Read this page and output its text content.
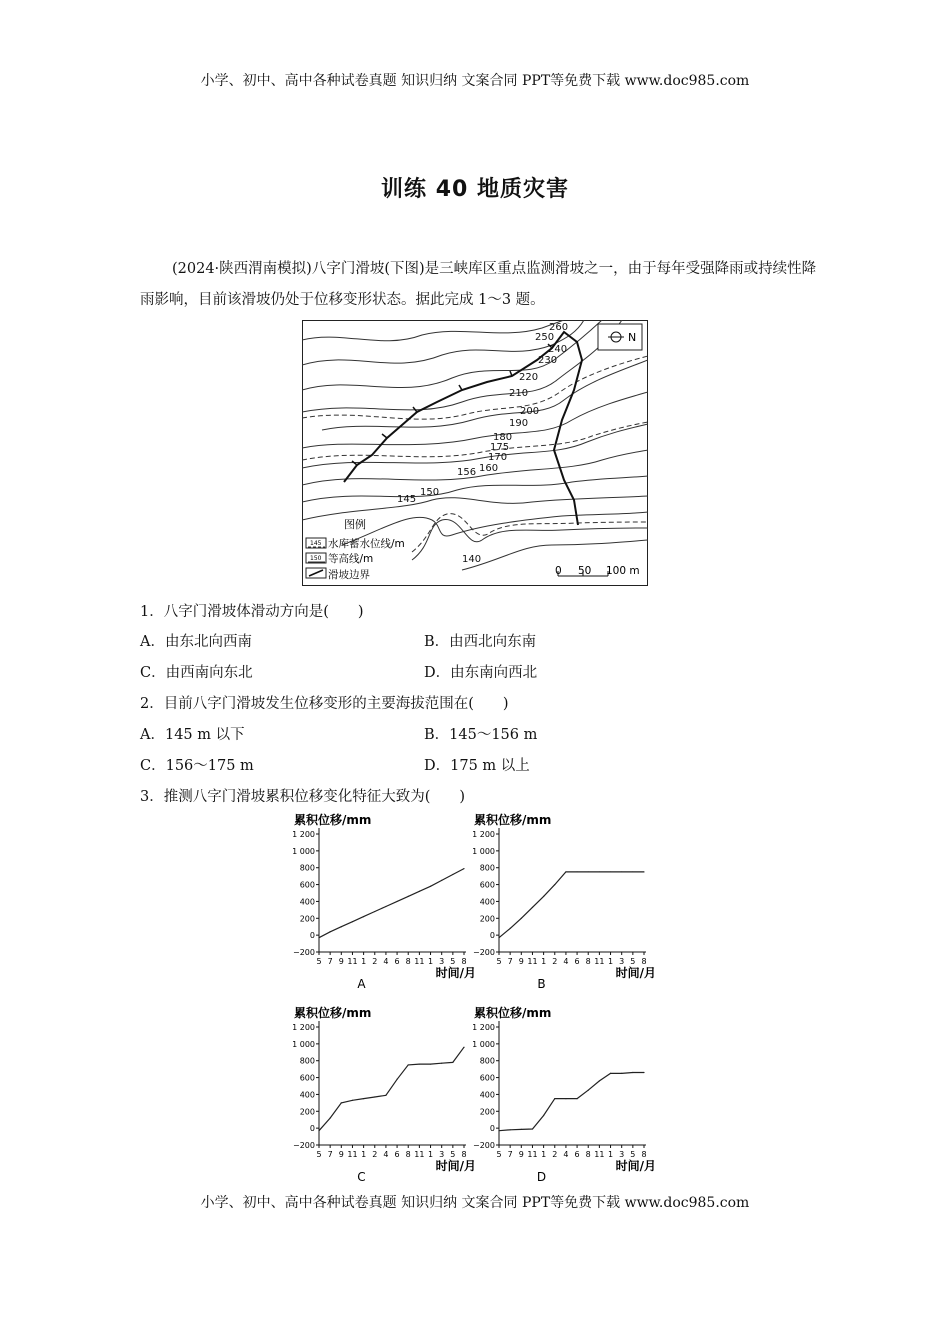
小学、初中、高中各种试卷真题 知识归纳 文案合同 PPT等免费下载 www.doc985.com
训练 40 地质灾害
(2024·陕西渭南模拟)八字门滑坡(下图)是三峡库区重点监测滑坡之一，由于每年受强降雨或持续性降雨影响，目前该滑坡仍处于位移变形状态。据此完成 1～3 题。
260
250
240
230
220
210
200
190
180
175
170
160
156
150
145
140
N
图例
145 水库蓄水位线/m
150 等高线/m
滑坡边界	0 50 100 m
1．八字门滑坡体滑动方向是(　　)
A．由东北向西南	B．由西北向东南
C．由西南向东北	D．由东南向西北
2．目前八字门滑坡发生位移变形的主要海拔范围在(　　)
A．145 m 以下	B．145～156 m
C．156～175 m	D．175 m 以上
3．推测八字门滑坡累积位移变化特征大致为(　　)
累积位移/mm
1 200
1 000
800
600
400
200
0
−200
5 7 9 11 1 2 4 6 8 11 1 3 5 8
时间/月
A
累积位移/mm
1 200
1 000
800
600
400
200
0
−200
5 7 9 11 1 2 4 6 8 11 1 3 5 8
时间/月
B
累积位移/mm
1 200
1 000
800
600
400
200
0
−200
5 7 9 11 1 2 4 6 8 11 1 3 5 8
时间/月
C
累积位移/mm
1 200
1 000
800
600
400
200
0
−200
5 7 9 11 1 2 4 6 8 11 1 3 5 8
时间/月
D
小学、初中、高中各种试卷真题 知识归纳 文案合同 PPT等免费下载 www.doc985.com
